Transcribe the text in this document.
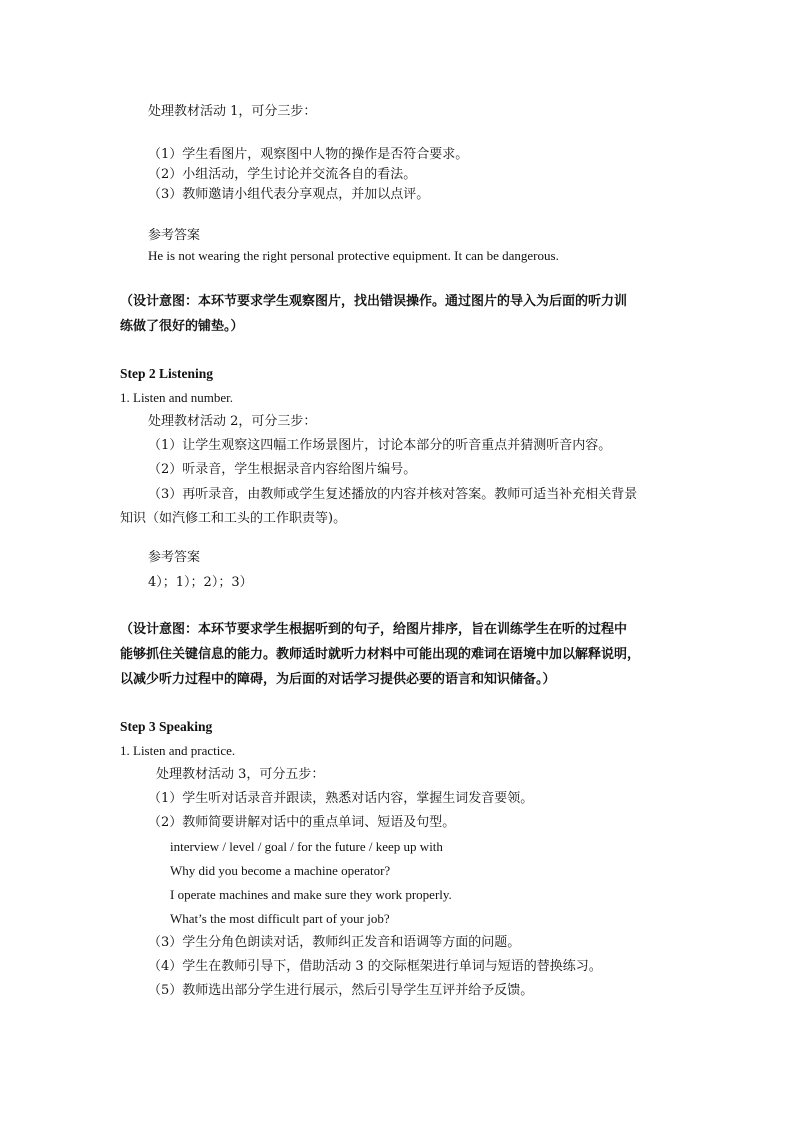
处理教材活动 1，可分三步：
（1）学生看图片，观察图中人物的操作是否符合要求。
（2）小组活动，学生讨论并交流各自的看法。
（3）教师邀请小组代表分享观点，并加以点评。
参考答案
He is not wearing the right personal protective equipment. It can be dangerous.
（设计意图：本环节要求学生观察图片，找出错误操作。通过图片的导入为后面的听力训
练做了很好的铺垫。）
Step 2 Listening
1. Listen and number.
处理教材活动 2，可分三步：
（1）让学生观察这四幅工作场景图片，讨论本部分的听音重点并猜测听音内容。
（2）听录音，学生根据录音内容给图片编号。
（3）再听录音，由教师或学生复述播放的内容并核对答案。教师可适当补充相关背景
知识（如汽修工和工头的工作职责等)。
参考答案
4）；1）；2）；3）
（设计意图：本环节要求学生根据听到的句子，给图片排序，旨在训练学生在听的过程中
能够抓住关键信息的能力。教师适时就听力材料中可能出现的难词在语境中加以解释说明，
以减少听力过程中的障碍，为后面的对话学习提供必要的语言和知识储备。）
Step 3 Speaking
1. Listen and practice.
处理教材活动 3，可分五步：
（1）学生听对话录音并跟读，熟悉对话内容，掌握生词发音要领。
（2）教师简要讲解对话中的重点单词、短语及句型。
interview / level / goal / for the future / keep up with
Why did you become a machine operator?
I operate machines and make sure they work properly.
What’s the most difficult part of your job?
（3）学生分角色朗读对话，教师纠正发音和语调等方面的问题。
（4）学生在教师引导下，借助活动 3 的交际框架进行单词与短语的替换练习。
（5）教师选出部分学生进行展示，然后引导学生互评并给予反馈。
